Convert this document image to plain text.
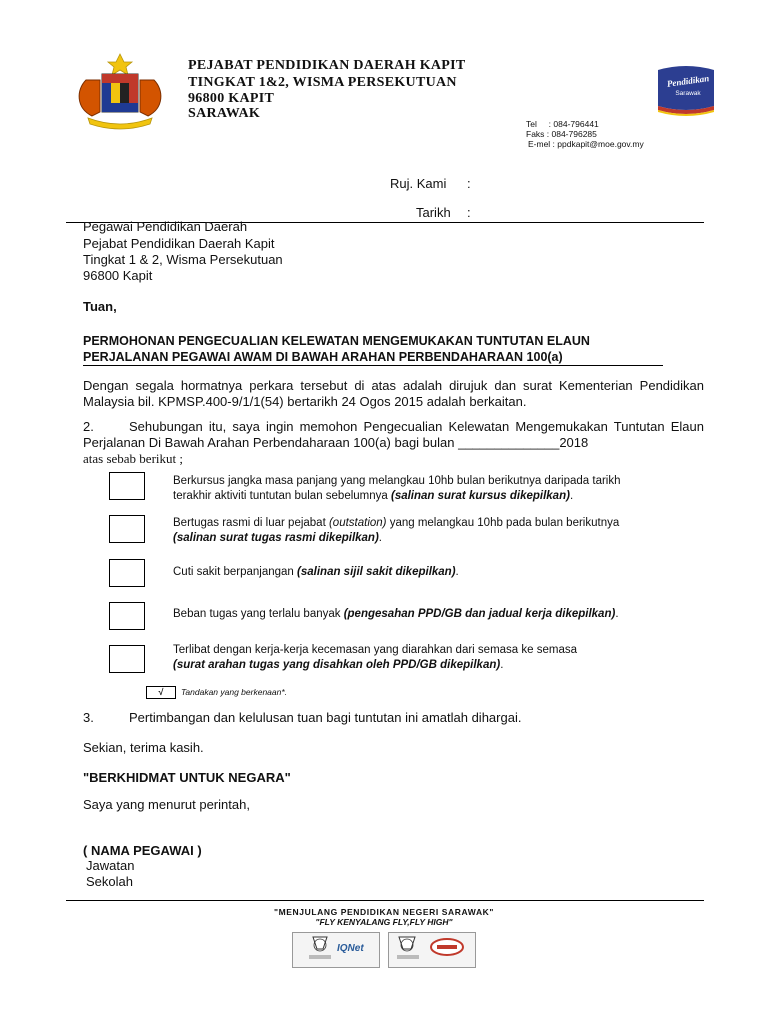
PEJABAT PENDIDIKAN DAERAH KAPIT
TINGKAT 1&2, WISMA PERSEKUTUAN
96800 KAPIT
SARAWAK
Pendidikan
Sarawak
Tel     : 084-796441
Faks : 084-796285
E-mel : ppdkapit@moe.gov.my
Ruj. Kami :
Tarikh :
Pegawai Pendidikan Daerah
Pejabat Pendidikan Daerah Kapit
Tingkat 1 & 2, Wisma Persekutuan
96800 Kapit
Tuan,
PERMOHONAN PENGECUALIAN KELEWATAN MENGEMUKAKAN TUNTUTAN ELAUN
PERJALANAN PEGAWAI AWAM DI BAWAH ARAHAN PERBENDAHARAAN 100(a)
Dengan segala hormatnya perkara tersebut di atas adalah dirujuk dan surat Kementerian Pendidikan Malaysia bil. KPMSP.400-9/1/1(54) bertarikh 24 Ogos 2015 adalah berkaitan.
2.	Sehubungan itu, saya ingin memohon Pengecualian Kelewatan Mengemukakan Tuntutan Elaun Perjalanan Di Bawah Arahan Perbendaharaan 100(a) bagi bulan ______________2018
atas sebab berikut ;
Berkursus jangka masa panjang yang melangkau 10hb bulan berikutnya daripada tarikh
terakhir aktiviti tuntutan bulan sebelumnya (salinan surat kursus dikepilkan).
Bertugas rasmi di luar pejabat (outstation) yang melangkau 10hb pada bulan berikutnya
(salinan surat tugas rasmi dikepilkan).
Cuti sakit berpanjangan (salinan sijil sakit dikepilkan).
Beban tugas yang terlalu banyak (pengesahan PPD/GB dan jadual kerja dikepilkan).
Terlibat dengan kerja-kerja kecemasan yang diarahkan dari semasa ke semasa
(surat arahan tugas yang disahkan oleh PPD/GB dikepilkan).
√	Tandakan yang berkenaan*.
3.	Pertimbangan dan kelulusan tuan bagi tuntutan ini amatlah dihargai.
Sekian, terima kasih.
"BERKHIDMAT UNTUK NEGARA"
Saya yang menurut perintah,
( NAMA PEGAWAI )
Jawatan
Sekolah
"MENJULANG PENDIDIKAN NEGERI SARAWAK"
"FLY KENYALANG FLY,FLY HIGH"
IQNet
